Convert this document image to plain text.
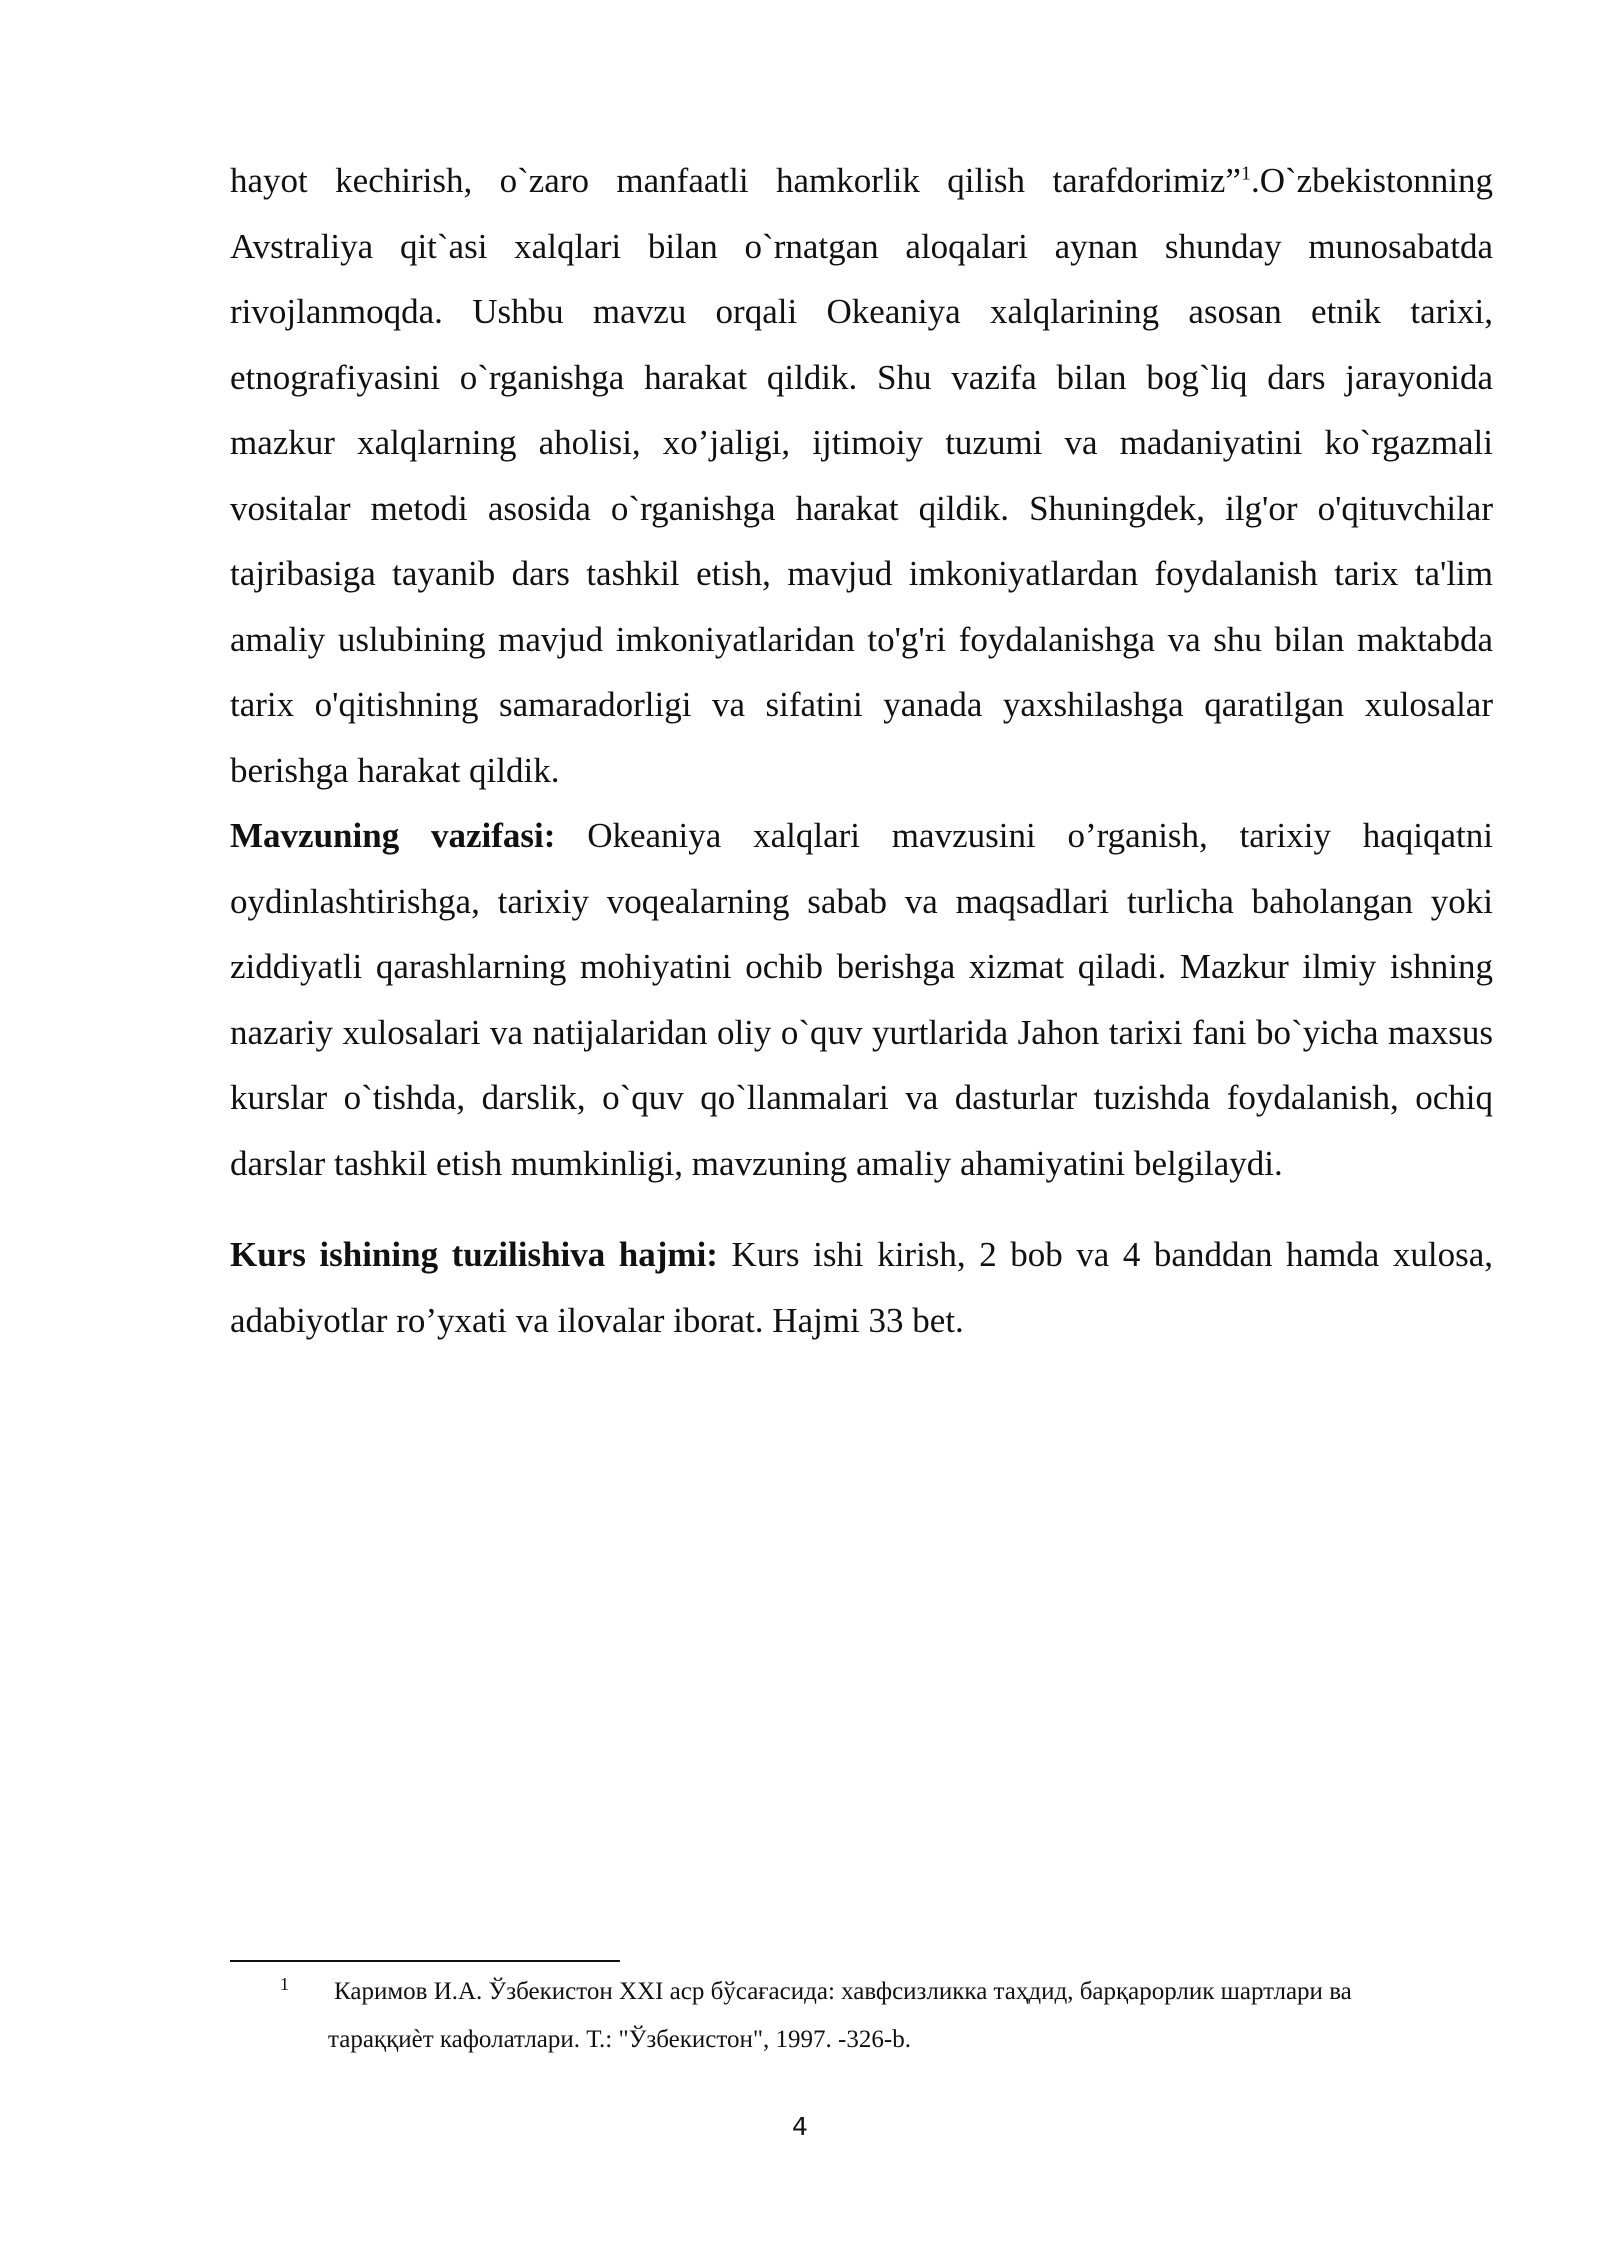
hayot kechirish, o`zaro manfaatli hamkorlik qilish tarafdorimiz”$^1$.O`zbekistonning Avstraliya qit`asi xalqlari bilan o`rnatgan aloqalari aynan shunday munosabatda rivojlanmoqda. Ushbu mavzu orqali Okeaniya xalqlarining asosan etnik tarixi, etnografiyasini o`rganishga harakat qildik. Shu vazifa bilan bog`liq dars jarayonida mazkur xalqlarning aholisi, xo’jaligi, ijtimoiy tuzumi va madaniyatini ko`rgazmali vositalar metodi asosida o`rganishga harakat qildik. Shuningdek, ilg'or o'qituvchilar tajribasiga tayanib dars tashkil etish, mavjud imkoniyatlardan foydalanish tarix ta'lim amaliy uslubining mavjud imkoniyatlaridan to'g'ri foydalanishga va shu bilan maktabda tarix o'qitishning samaradorligi va sifatini yanada yaxshilashga qaratilgan xulosalar berishga harakat qildik.

Mavzuning vazifasi: Okeaniya xalqlari mavzusini o’rganish, tarixiy haqiqatni oydinlashtirishga, tarixiy voqealarning sabab va maqsadlari turlicha baholangan yoki ziddiyatli qarashlarning mohiyatini ochib berishga xizmat qiladi. Mazkur ilmiy ishning nazariy xulosalari va natijalaridan oliy o`quv yurtlarida Jahon tarixi fani bo`yicha maxsus kurslar o`tishda, darslik, o`quv qo`llanmalari va dasturlar tuzishda foydalanish, ochiq darslar tashkil etish mumkinligi, mavzuning amaliy ahamiyatini belgilaydi.

Kurs ishining tuzilishiva hajmi: Kurs ishi kirish, 2 bob va 4 banddan hamda xulosa, adabiyotlar ro’yxati va ilovalar iborat. Hajmi 33 bet.

1	Каримов И.А. Ўзбекистон XXI аср бўсағасида: хавфсизликка таҳдид, барқарорлик шартлари ва
тараққиѐт кафолатлари. Т.: "Ўзбекистон", 1997. -326-b.
4
